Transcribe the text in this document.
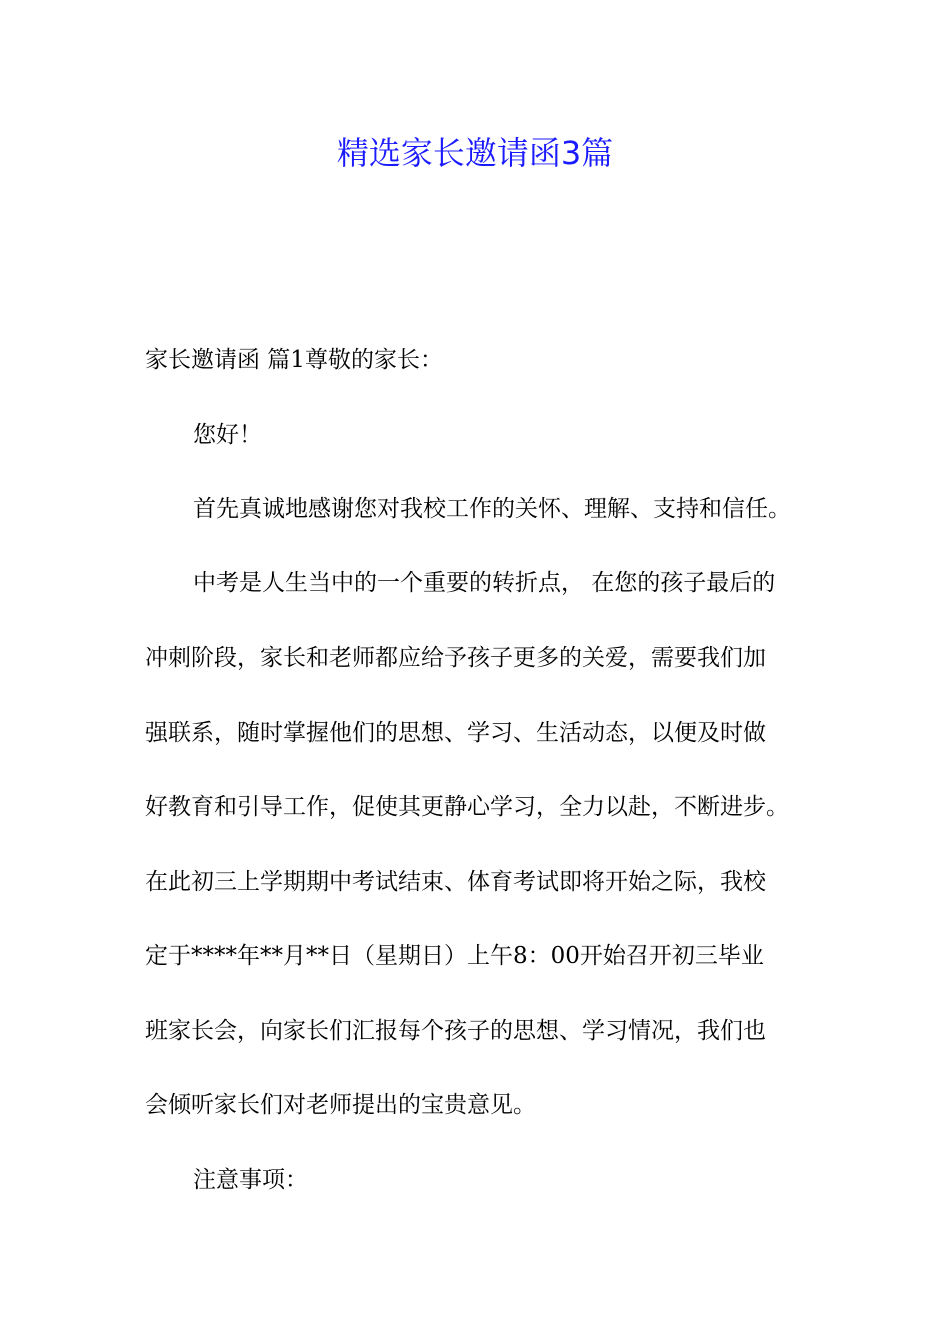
精选家长邀请函3篇
家长邀请函 篇1尊敬的家长：
您好！
首先真诚地感谢您对我校工作的关怀、理解、支持和信任。
中考是人生当中的一个重要的转折点， 在您的孩子最后的
冲刺阶段，家长和老师都应给予孩子更多的关爱，需要我们加
强联系，随时掌握他们的思想、学习、生活动态，以便及时做
好教育和引导工作，促使其更静心学习，全力以赴，不断进步。
在此初三上学期期中考试结束、体育考试即将开始之际，我校
定于****年**月**日（星期日）上午8：00开始召开初三毕业
班家长会，向家长们汇报每个孩子的思想、学习情况，我们也
会倾听家长们对老师提出的宝贵意见。
注意事项：
